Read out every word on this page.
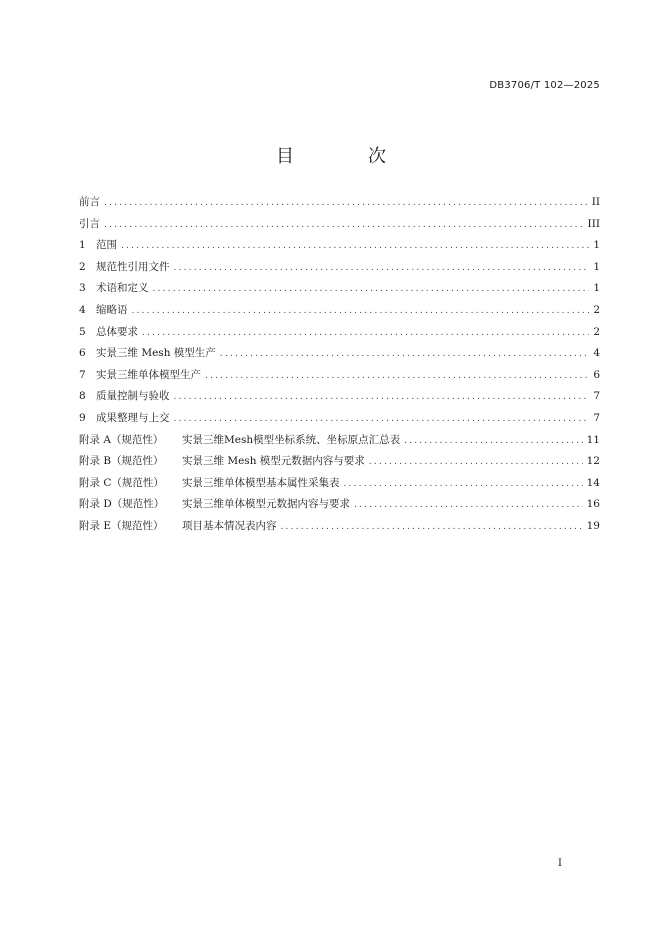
DB3706/T 102—2025
目　次
前言 .....	II
引言 .....	III
1 范围 .....	1
2 规范性引用文件 .....	1
3 术语和定义 .....	1
4 缩略语 .....	2
5 总体要求 .....	2
6 实景三维 Mesh 模型生产 .....	4
7 实景三维单体模型生产 .....	6
8 质量控制与验收 .....	7
9 成果整理与上交 .....	7
附录 A（规范性）	实景三维Mesh模型坐标系统、坐标原点汇总表 .....	11
附录 B（规范性）	实景三维 Mesh 模型元数据内容与要求 .....	12
附录 C（规范性）	实景三维单体模型基本属性采集表 .....	14
附录 D（规范性）	实景三维单体模型元数据内容与要求 .....	16
附录 E（规范性）	项目基本情况表内容 .....	19
I
